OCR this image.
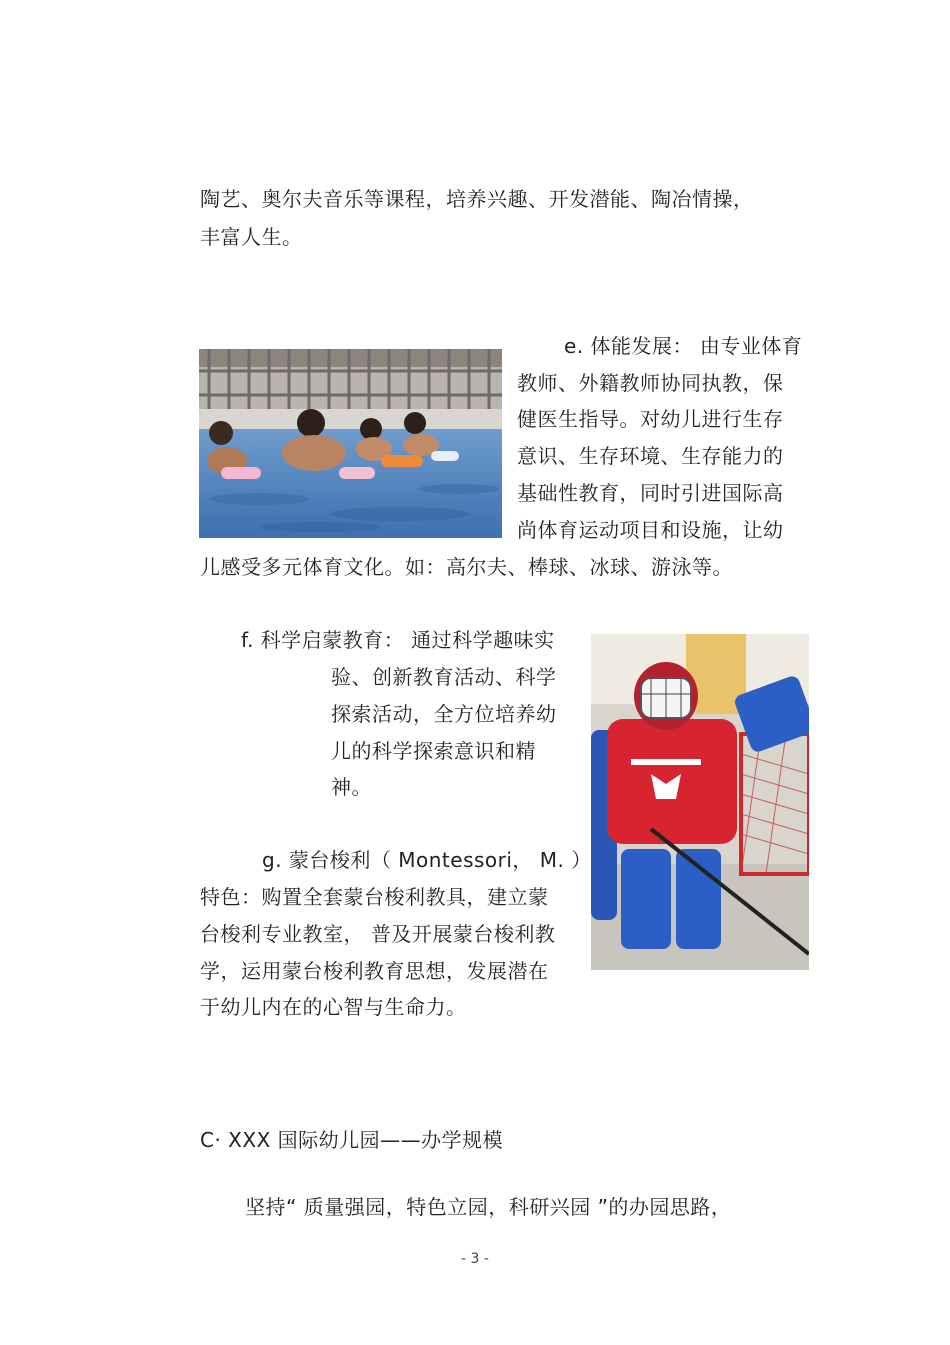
陶艺、奥尔夫音乐等课程，培养兴趣、开发潜能、陶冶情操，
丰富人生。
e. 体能发展： 由专业体育
教师、外籍教师协同执教，保
健医生指导。对幼儿进行生存
意识、生存环境、生存能力的
基础性教育，同时引进国际高
尚体育运动项目和设施，让幼
儿感受多元体育文化。如：高尔夫、棒球、冰球、游泳等。
f. 科学启蒙教育： 通过科学趣味实
验、创新教育活动、科学
探索活动，全方位培养幼
儿的科学探索意识和精
神。
g. 蒙台梭利（ Montessori， M. ）
特色：购置全套蒙台梭利教具，建立蒙
台梭利专业教室， 普及开展蒙台梭利教
学，运用蒙台梭利教育思想，发展潜在
于幼儿内在的心智与生命力。
C· XXX 国际幼儿园——办学规模
坚持“ 质量强园，特色立园，科研兴园 ”的办园思路，
- 3 -
